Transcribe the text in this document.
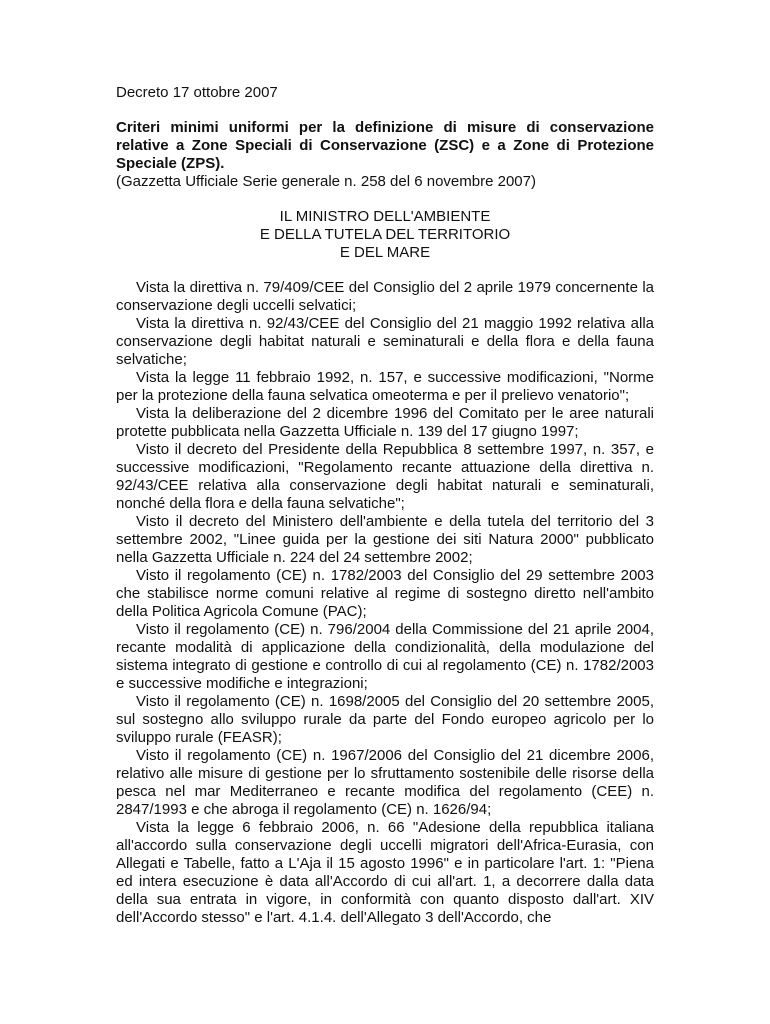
Decreto 17 ottobre 2007

Criteri minimi uniformi per la definizione di misure di conservazione relative a Zone Speciali di Conservazione (ZSC) e a Zone di Protezione Speciale (ZPS).

(Gazzetta Ufficiale Serie generale n. 258 del 6 novembre 2007)

IL MINISTRO DELL'AMBIENTE
E DELLA TUTELA DEL TERRITORIO
E DEL MARE

Vista la direttiva n. 79/409/CEE del Consiglio del 2 aprile 1979 concernente la conservazione degli uccelli selvatici;

Vista la direttiva n. 92/43/CEE del Consiglio del 21 maggio 1992 relativa alla conservazione degli habitat naturali e seminaturali e della flora e della fauna selvatiche;

Vista la legge 11 febbraio 1992, n. 157, e successive modificazioni, "Norme per la protezione della fauna selvatica omeoterma e per il prelievo venatorio";

Vista la deliberazione del 2 dicembre 1996 del Comitato per le aree naturali protette pubblicata nella Gazzetta Ufficiale n. 139 del 17 giugno 1997;

Visto il decreto del Presidente della Repubblica 8 settembre 1997, n. 357, e successive modificazioni, "Regolamento recante attuazione della direttiva n. 92/43/CEE relativa alla conservazione degli habitat naturali e seminaturali, nonché della flora e della fauna selvatiche";

Visto il decreto del Ministero dell'ambiente e della tutela del territorio del 3 settembre 2002, "Linee guida per la gestione dei siti Natura 2000" pubblicato nella Gazzetta Ufficiale n. 224 del 24 settembre 2002;

Visto il regolamento (CE) n. 1782/2003 del Consiglio del 29 settembre 2003 che stabilisce norme comuni relative al regime di sostegno diretto nell'ambito della Politica Agricola Comune (PAC);

Visto il regolamento (CE) n. 796/2004 della Commissione del 21 aprile 2004, recante modalità di applicazione della condizionalità, della modulazione del sistema integrato di gestione e controllo di cui al regolamento (CE) n. 1782/2003 e successive modifiche e integrazioni;

Visto il regolamento (CE) n. 1698/2005 del Consiglio del 20 settembre 2005, sul sostegno allo sviluppo rurale da parte del Fondo europeo agricolo per lo sviluppo rurale (FEASR);

Visto il regolamento (CE) n. 1967/2006 del Consiglio del 21 dicembre 2006, relativo alle misure di gestione per lo sfruttamento sostenibile delle risorse della pesca nel mar Mediterraneo e recante modifica del regolamento (CEE) n. 2847/1993 e che abroga il regolamento (CE) n. 1626/94;

Vista la legge 6 febbraio 2006, n. 66 "Adesione della repubblica italiana all'accordo sulla conservazione degli uccelli migratori dell'Africa-Eurasia, con Allegati e Tabelle, fatto a L'Aja il 15 agosto 1996" e in particolare l'art. 1: "Piena ed intera esecuzione è data all'Accordo di cui all'art. 1, a decorrere dalla data della sua entrata in vigore, in conformità con quanto disposto dall'art. XIV dell'Accordo stesso" e l'art. 4.1.4. dell'Allegato 3 dell'Accordo, che
